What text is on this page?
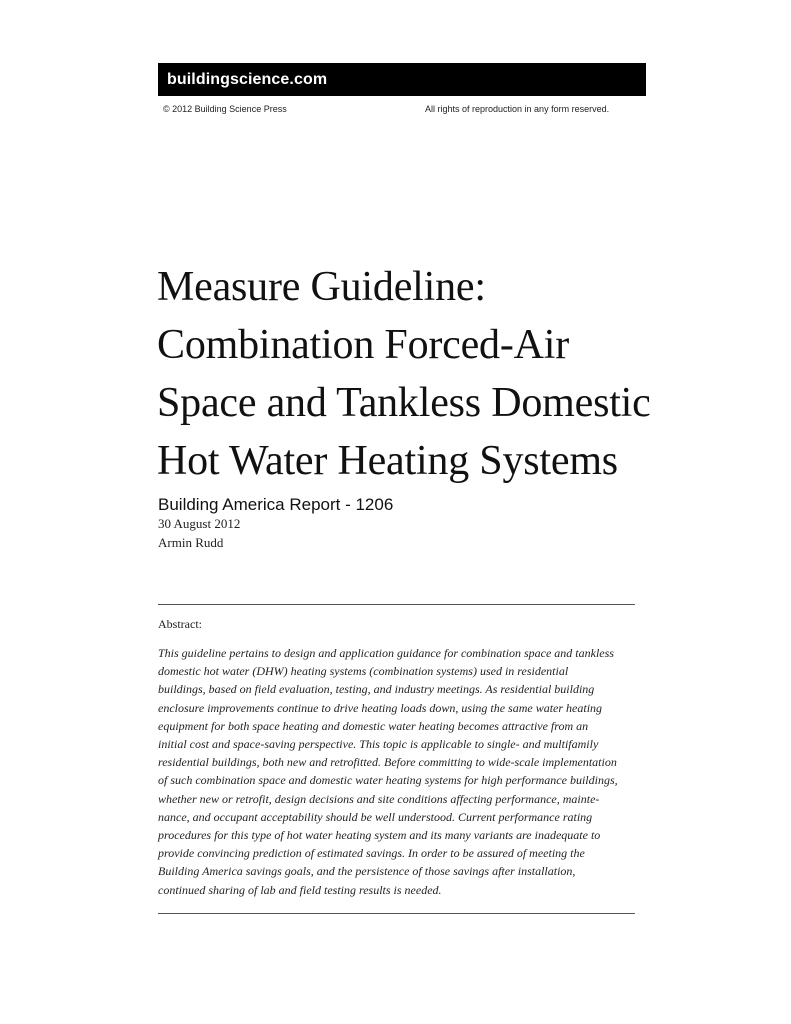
buildingscience.com
© 2012 Building Science Press	All rights of reproduction in any form reserved.
Measure Guideline:
Combination Forced-Air
Space and Tankless Domestic
Hot Water Heating Systems
Building America Report - 1206
30 August 2012
Armin Rudd
Abstract:
This guideline pertains to design and application guidance for combination space and tankless
domestic hot water (DHW) heating systems (combination systems) used in residential
buildings, based on field evaluation, testing, and industry meetings. As residential building
enclosure improvements continue to drive heating loads down, using the same water heating
equipment for both space heating and domestic water heating becomes attractive from an
initial cost and space-saving perspective. This topic is applicable to single- and multifamily
residential buildings, both new and retrofitted. Before committing to wide-scale implementation
of such combination space and domestic water heating systems for high performance buildings,
whether new or retrofit, design decisions and site conditions affecting performance, mainte-
nance, and occupant acceptability should be well understood. Current performance rating
procedures for this type of hot water heating system and its many variants are inadequate to
provide convincing prediction of estimated savings. In order to be assured of meeting the
Building America savings goals, and the persistence of those savings after installation,
continued sharing of lab and field testing results is needed.
